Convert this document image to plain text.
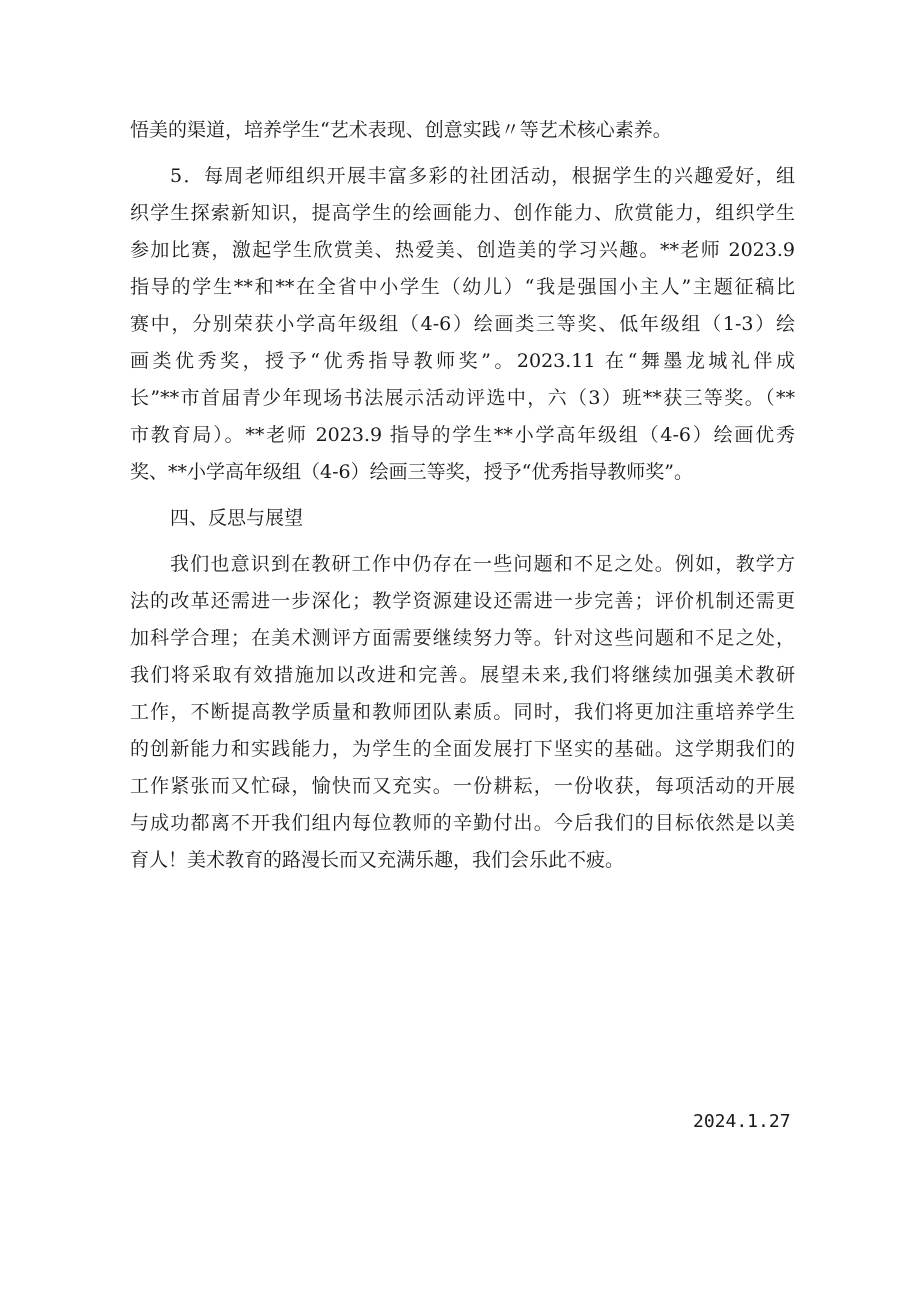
悟美的渠道，培养学生“艺术表现、创意实践〃等艺术核心素养。
5．每周老师组织开展丰富多彩的社团活动，根据学生的兴趣爱好，组
织学生探索新知识，提高学生的绘画能力、创作能力、欣赏能力，组织学生
参加比赛，激起学生欣赏美、热爱美、创造美的学习兴趣。**老师 2023.9
指导的学生**和**在全省中小学生（幼儿）“我是强国小主人”主题征稿比
赛中，分别荣获小学高年级组（4-6）绘画类三等奖、低年级组（1-3）绘
画类优秀奖，授予“优秀指导教师奖”。2023.11 在“舞墨龙城礼伴成
长”**市首届青少年现场书法展示活动评选中，六（3）班**获三等奖。（**
市教育局）。**老师 2023.9 指导的学生**小学高年级组（4-6）绘画优秀
奖、**小学高年级组（4-6）绘画三等奖，授予“优秀指导教师奖”。
四、反思与展望
我们也意识到在教研工作中仍存在一些问题和不足之处。例如，教学方
法的改革还需进一步深化；教学资源建设还需进一步完善；评价机制还需更
加科学合理；在美术测评方面需要继续努力等。针对这些问题和不足之处，
我们将采取有效措施加以改进和完善。展望未来,我们将继续加强美术教研
工作，不断提高教学质量和教师团队素质。同时，我们将更加注重培养学生
的创新能力和实践能力，为学生的全面发展打下坚实的基础。这学期我们的
工作紧张而又忙碌，愉快而又充实。一份耕耘，一份收获，每项活动的开展
与成功都离不开我们组内每位教师的辛勤付出。今后我们的目标依然是以美
育人！美术教育的路漫长而又充满乐趣，我们会乐此不疲。
2024.1.27
